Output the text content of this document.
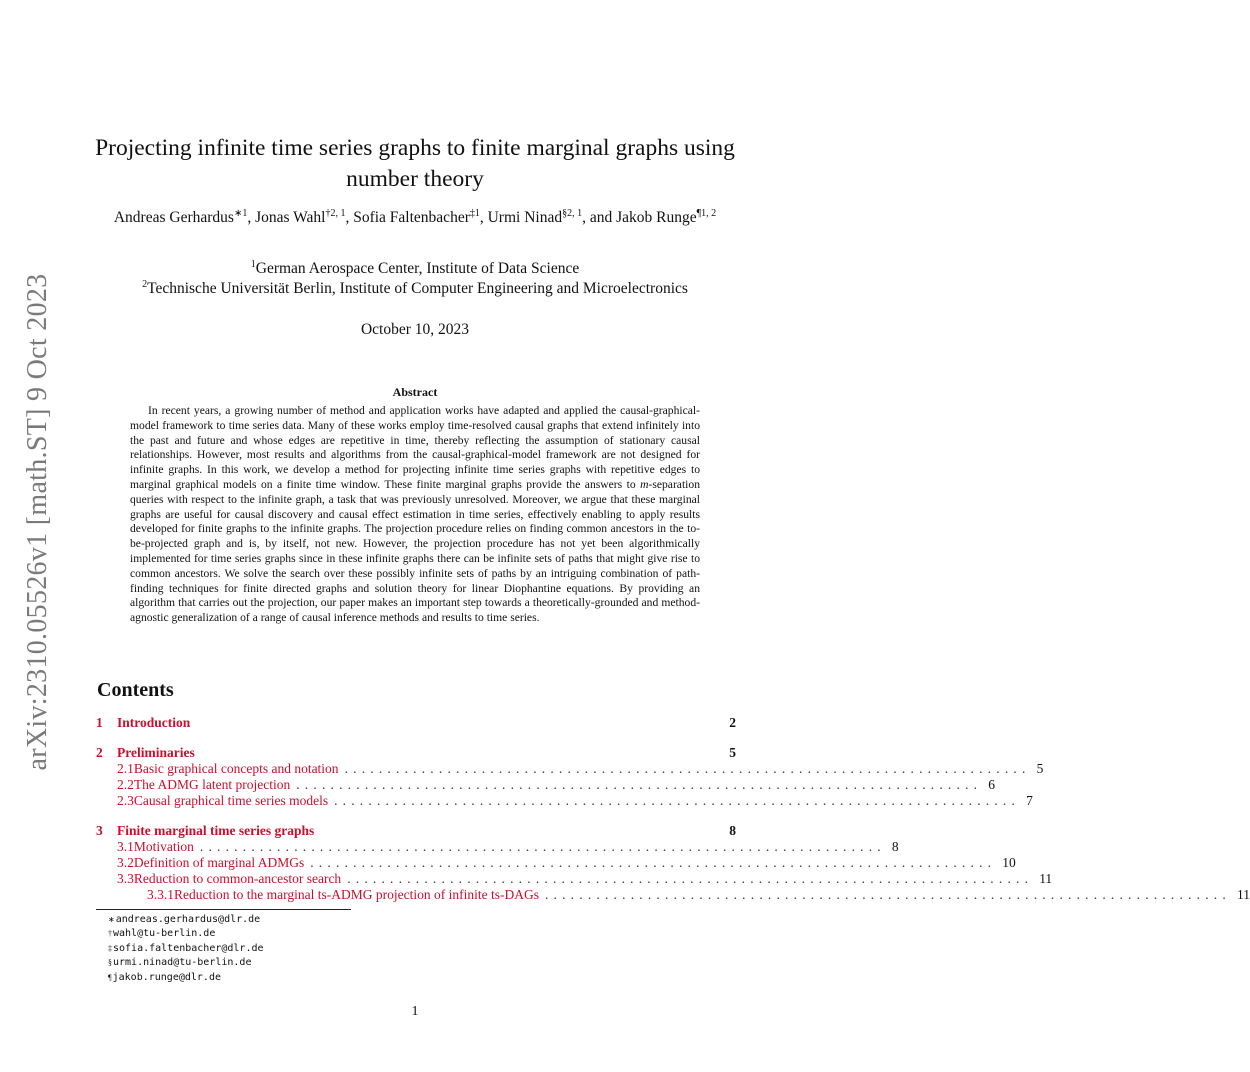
arXiv:2310.05526v1 [math.ST] 9 Oct 2023
Projecting infinite time series graphs to finite marginal graphs using number theory
Andreas Gerhardus$^{∗1}$, Jonas Wahl$^{\dagger 2, 1}$, Sofia Faltenbacher$^{\ddagger 1}$, Urmi Ninad$^{\S 2, 1}$, and Jakob Runge$^{\P 1, 2}$
$^1$German Aerospace Center, Institute of Data Science
$^2$Technische Universität Berlin, Institute of Computer Engineering and Microelectronics
October 10, 2023
Abstract
In recent years, a growing number of method and application works have adapted and applied the causal-graphical-model framework to time series data. Many of these works employ time-resolved causal graphs that extend infinitely into the past and future and whose edges are repetitive in time, thereby reflecting the assumption of stationary causal relationships. However, most results and algorithms from the causal-graphical-model framework are not designed for infinite graphs. In this work, we develop a method for projecting infinite time series graphs with repetitive edges to marginal graphical models on a finite time window. These finite marginal graphs provide the answers to m-separation queries with respect to the infinite graph, a task that was previously unresolved. Moreover, we argue that these marginal graphs are useful for causal discovery and causal effect estimation in time series, effectively enabling to apply results developed for finite graphs to the infinite graphs. The projection procedure relies on finding common ancestors in the to-be-projected graph and is, by itself, not new. However, the projection procedure has not yet been algorithmically implemented for time series graphs since in these infinite graphs there can be infinite sets of paths that might give rise to common ancestors. We solve the search over these possibly infinite sets of paths by an intriguing combination of path-finding techniques for finite directed graphs and solution theory for linear Diophantine equations. By providing an algorithm that carries out the projection, our paper makes an important step towards a theoretically-grounded and method-agnostic generalization of a range of causal inference methods and results to time series.
Contents
1 Introduction	2
2 Preliminaries	5
2.1 Basic graphical concepts and notation ................................................................................ 5
2.2 The ADMG latent projection ................................................................................ 6
2.3 Causal graphical time series models ................................................................................ 7
3 Finite marginal time series graphs	8
3.1 Motivation ................................................................................ 8
3.2 Definition of marginal ADMGs ................................................................................ 10
3.3 Reduction to common-ancestor search ................................................................................ 11
3.3.1 Reduction to the marginal ts-ADMG projection of infinite ts-DAGs ................................................................................ 11
∗andreas.gerhardus@dlr.de
†wahl@tu-berlin.de
‡sofia.faltenbacher@dlr.de
§urmi.ninad@tu-berlin.de
¶jakob.runge@dlr.de
1
